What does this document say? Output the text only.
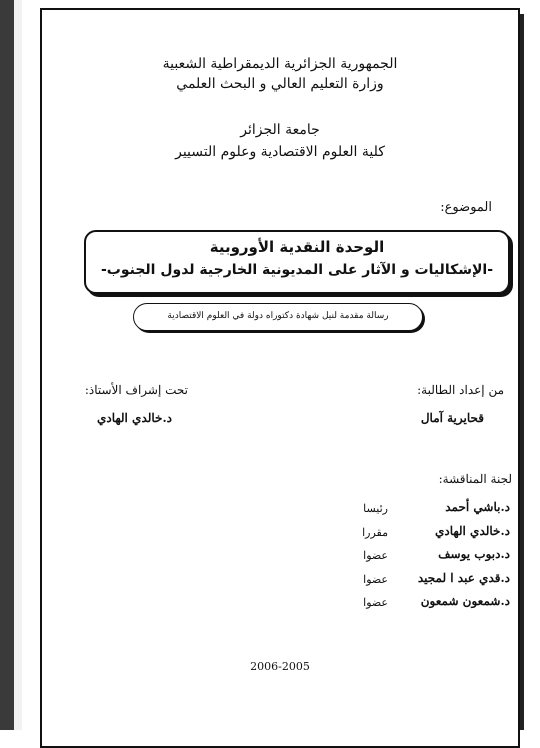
الجمهورية الجزائرية الديمقراطية الشعبية
وزارة التعليم العالي و البحث العلمي
جامعة الجزائر
كلية العلوم الاقتصادية وعلوم التسيير
الموضوع:
الوحدة النقدية الأوروبية
-الإشكاليات و الآثار على المديونية الخارجية لدول الجنوب-
رسالة مقدمة لنيل شهادة دكتوراه دولة في العلوم الاقتصادية
من إعداد الطالبة:
تحت إشراف الأستاذ:
قحايرية آمال
د.خالدي الهادي
لجنة المناقشة:
د.باشي أحمد
رئيسا
د.خالدي الهادي
مقررا
د.دبوب يوسف
عضوا
د.قدي عبد ا لمجيد
عضوا
د.شمعون شمعون
عضوا
2006-2005
